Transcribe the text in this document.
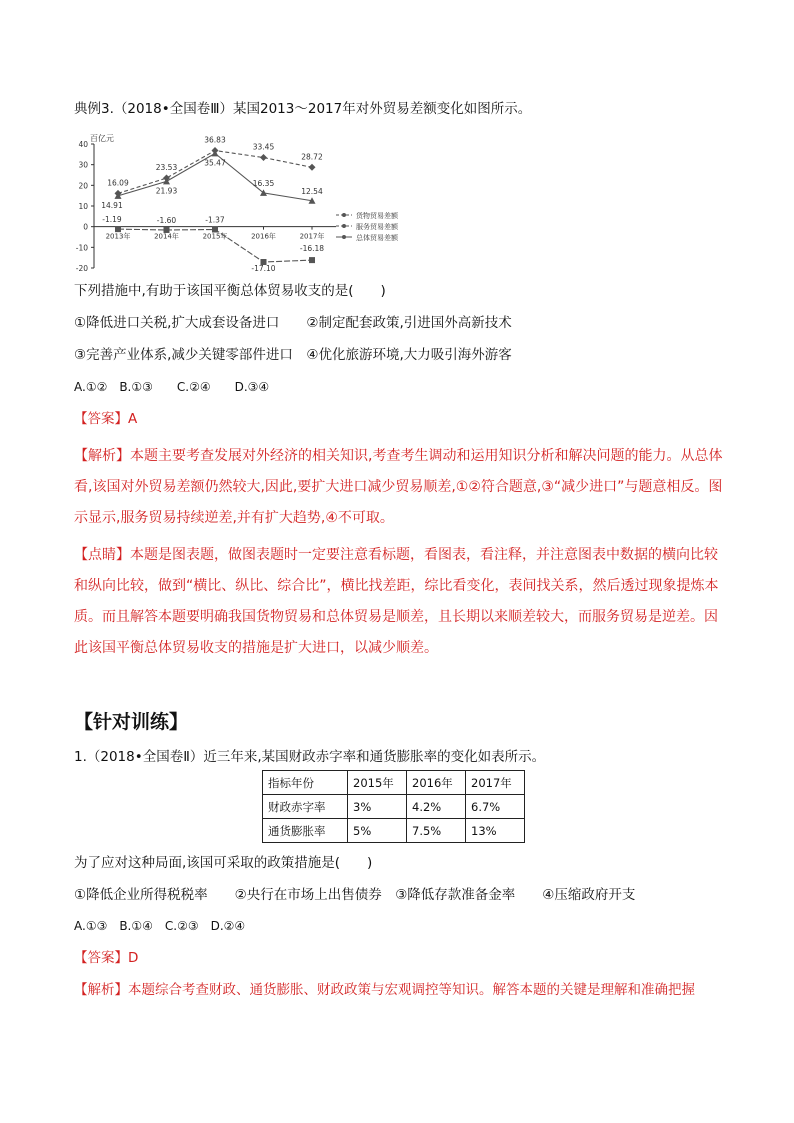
典例3.（2018•全国卷Ⅲ）某国2013～2017年对外贸易差额变化如图所示。
百亿元
40
30
20
10
0
-10
-20
2013年	2014年	2015年	2016年	2017年
16.09
23.53
36.83
33.45
28.72
-1.19	-1.60	-1.37
-17.10
-16.18
14.91
21.93
35.47
16.35
12.54
货物贸易差额
服务贸易差额
总体贸易差额
下列措施中,有助于该国平衡总体贸易收支的是(　　)
①降低进口关税,扩大成套设备进口　　②制定配套政策,引进国外高新技术
③完善产业体系,减少关键零部件进口　④优化旅游环境,大力吸引海外游客
A.①②　B.①③　　C.②④　　D.③④
【答案】A
【解析】本题主要考查发展对外经济的相关知识,考查考生调动和运用知识分析和解决问题的能力。从总体看,该国对外贸易差额仍然较大,因此,要扩大进口减少贸易顺差,①②符合题意,③“减少进口”与题意相反。图示显示,服务贸易持续逆差,并有扩大趋势,④不可取。
【点睛】本题是图表题，做图表题时一定要注意看标题，看图表，看注释，并注意图表中数据的横向比较和纵向比较，做到“横比、纵比、综合比”，横比找差距，综比看变化，表间找关系，然后透过现象提炼本质。而且解答本题要明确我国货物贸易和总体贸易是顺差，且长期以来顺差较大，而服务贸易是逆差。因此该国平衡总体贸易收支的措施是扩大进口，以减少顺差。
【针对训练】
1.（2018•全国卷Ⅱ）近三年来,某国财政赤字率和通货膨胀率的变化如表所示。
指标年份	2015年	2016年	2017年
财政赤字率	3%	4.2%	6.7%
通货膨胀率	5%	7.5%	13%
为了应对这种局面,该国可采取的政策措施是(　　)
①降低企业所得税税率　　②央行在市场上出售债券　③降低存款准备金率　　④压缩政府开支
A.①③　B.①④　C.②③　D.②④
【答案】D
【解析】本题综合考查财政、通货膨胀、财政政策与宏观调控等知识。解答本题的关键是理解和准确把握
